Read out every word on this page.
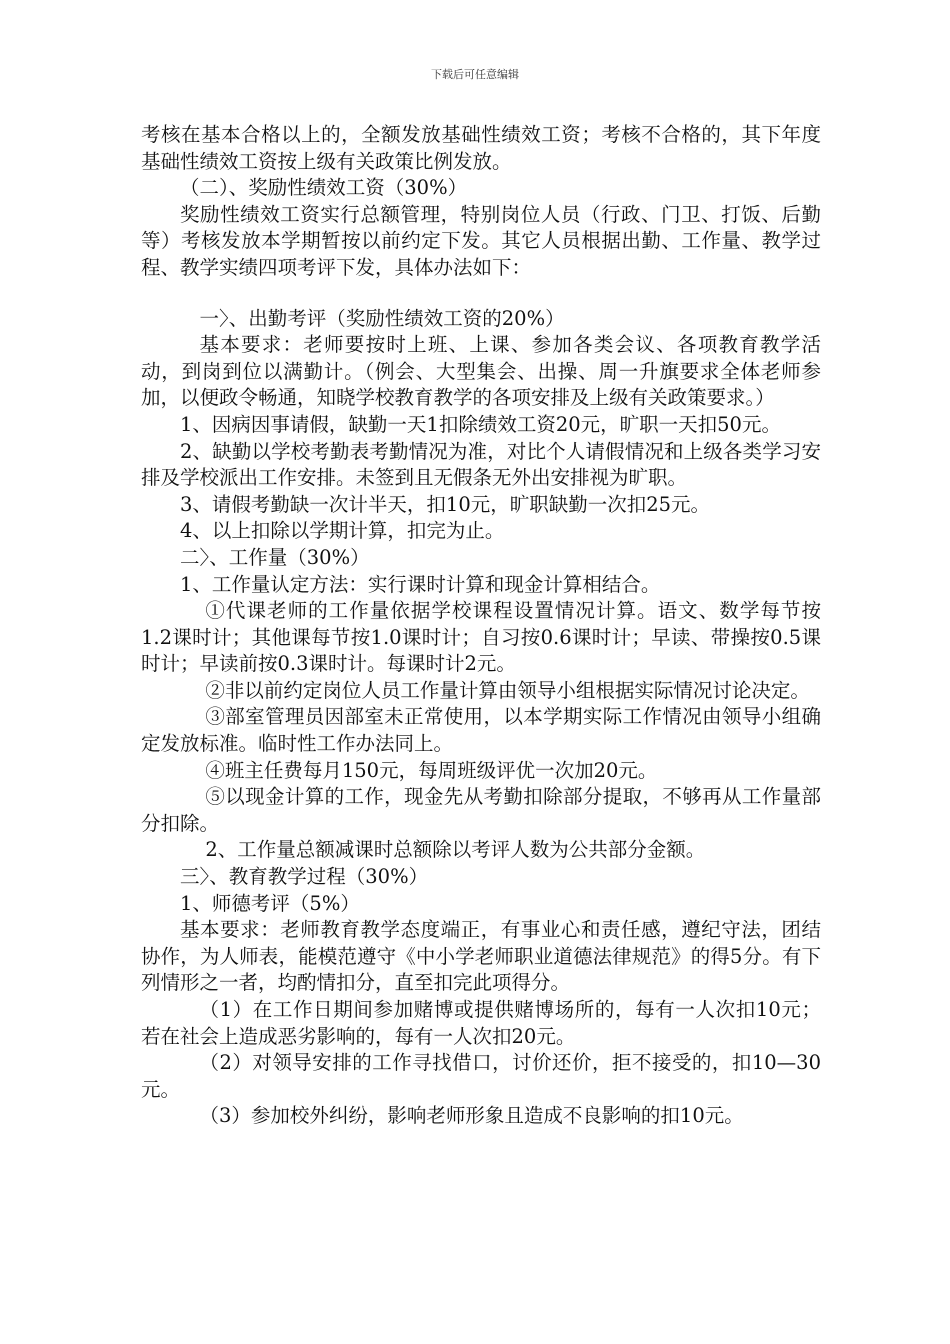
下载后可任意编辑

考核在基本合格以上的，全额发放基础性绩效工资；考核不合格的，其下年度基础性绩效工资按上级有关政策比例发放。

（二）、奖励性绩效工资（30%）

奖励性绩效工资实行总额管理，特别岗位人员（行政、门卫、打饭、后勤等）考核发放本学期暂按以前约定下发。其它人员根据出勤、工作量、教学过程、教学实绩四项考评下发，具体办法如下：

一〉、出勤考评（奖励性绩效工资的20%）

基本要求：老师要按时上班、上课、参加各类会议、各项教育教学活动，到岗到位以满勤计。（例会、大型集会、出操、周一升旗要求全体老师参加，以便政令畅通，知晓学校教育教学的各项安排及上级有关政策要求。）

1、因病因事请假，缺勤一天1扣除绩效工资20元，旷职一天扣50元。

2、缺勤以学校考勤表考勤情况为准，对比个人请假情况和上级各类学习安排及学校派出工作安排。未签到且无假条无外出安排视为旷职。

3、请假考勤缺一次计半天，扣10元，旷职缺勤一次扣25元。

4、以上扣除以学期计算，扣完为止。

二〉、工作量（30%）

1、工作量认定方法：实行课时计算和现金计算相结合。

①代课老师的工作量依据学校课程设置情况计算。语文、数学每节按1.2课时计；其他课每节按1.0课时计；自习按0.6课时计；早读、带操按0.5课时计；早读前按0.3课时计。每课时计2元。

②非以前约定岗位人员工作量计算由领导小组根据实际情况讨论决定。

③部室管理员因部室未正常使用，以本学期实际工作情况由领导小组确定发放标准。临时性工作办法同上。

④班主任费每月150元，每周班级评优一次加20元。

⑤以现金计算的工作，现金先从考勤扣除部分提取，不够再从工作量部分扣除。

2、工作量总额减课时总额除以考评人数为公共部分金额。

三〉、教育教学过程（30%）

1、师德考评（5%）

基本要求：老师教育教学态度端正，有事业心和责任感，遵纪守法，团结协作，为人师表，能模范遵守《中小学老师职业道德法律规范》的得5分。有下列情形之一者，均酌情扣分，直至扣完此项得分。

（1）在工作日期间参加赌博或提供赌博场所的，每有一人次扣10元；若在社会上造成恶劣影响的，每有一人次扣20元。

（2）对领导安排的工作寻找借口，讨价还价，拒不接受的，扣10—30元。

（3）参加校外纠纷，影响老师形象且造成不良影响的扣10元。
